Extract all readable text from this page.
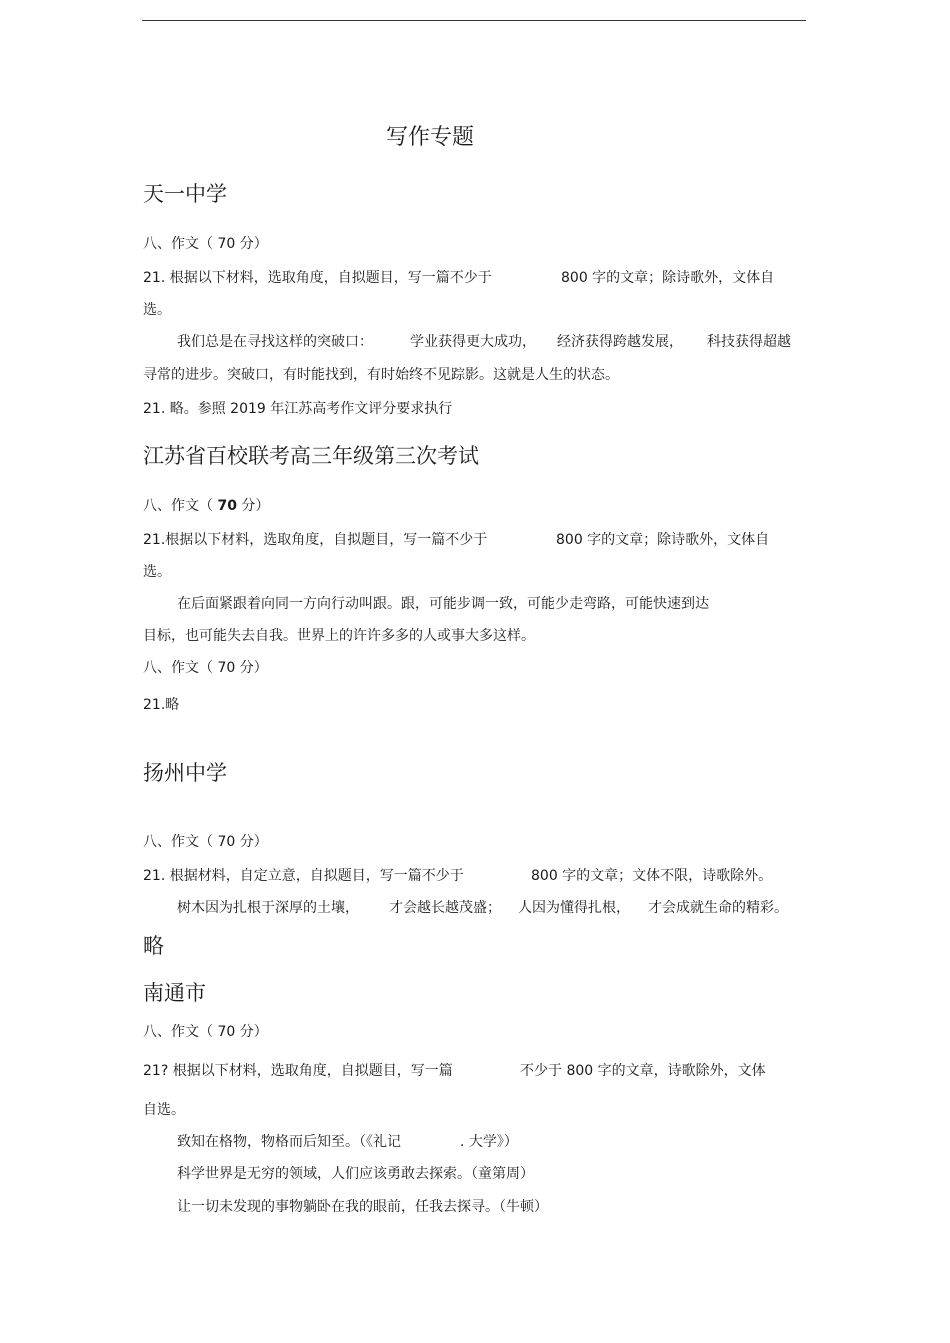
写作专题
天一中学
八、作文（ 70 分）
21. 根据以下材料，选取角度，自拟题目，写一篇不少于	800 字的文章；除诗歌外，文体自
选。
我们总是在寻找这样的突破口：	学业获得更大成功， 经济获得跨越发展， 科技获得超越
寻常的进步。突破口，有时能找到，有时始终不见踪影。这就是人生的状态。
21. 略。参照 2019 年江苏高考作文评分要求执行
江苏省百校联考高三年级第三次考试
八、作文（ 70 分）
21.根据以下材料，选取角度，自拟题目，写一篇不少于	800 字的文章；除诗歌外，文体自
选。
在后面紧跟着向同一方向行动叫跟。跟，可能步调一致，可能少走弯路，可能快速到达
目标，也可能失去自我。世界上的许许多多的人或事大多这样。
八、作文（ 70 分）
21.略
扬州中学
八、作文（ 70 分）
21. 根据材料，自定立意，自拟题目，写一篇不少于	800 字的文章；文体不限，诗歌除外。
树木因为扎根于深厚的土壤， 才会越长越茂盛； 人因为懂得扎根， 才会成就生命的精彩。
略
南通市
八、作文（ 70 分）
21? 根据以下材料，选取角度，自拟题目，写一篇	不少于 800 字的文章，诗歌除外，文体
自选。
致知在格物，物格而后知至。（《礼记	. 大学》）
科学世界是无穷的领域，人们应该勇敢去探索。（童第周）
让一切未发现的事物躺卧在我的眼前，任我去探寻。（牛顿）
